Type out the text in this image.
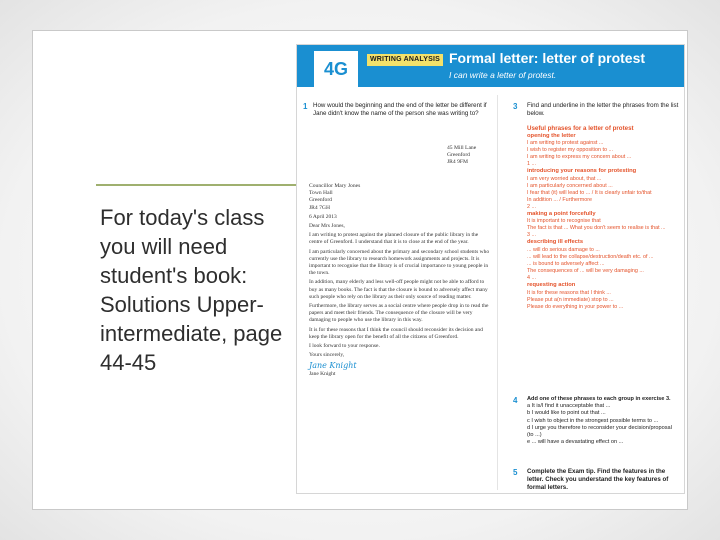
For today's class
you will need
student's book:
Solutions Upper-
intermediate, page
44-45
4G	WRITING ANALYSIS Formal letter: letter of protest
I can write a letter of protest.
1 How would the beginning and the end of the letter be different if Jane didn't know the name of the person she was writing to?
45 Mill Lane
Greenford
JR4 9FM
Councillor Mary Jones
Town Hall
Greenford
JR4 7GH
6 April 2013
Dear Mrs Jones,
I am writing to protest against the planned closure of the public library in the centre of Greenford. I understand that it is to close at the end of the year.
I am particularly concerned about the primary and secondary school students who currently use the library to research homework assignments and projects. It is important to recognise that the library is of crucial importance to young people in the town.
In addition, many elderly and less well-off people might not be able to afford to buy as many books. The fact is that the closure is bound to adversely affect many such people who rely on the library as their only source of reading matter.
Furthermore, the library serves as a social centre where people drop in to read the papers and meet their friends. The consequence of the closure will be very damaging to people who use the library in this way.
It is for these reasons that I think the council should reconsider its decision and keep the library open for the benefit of all the citizens of Greenford.
I look forward to your response.
Yours sincerely,
Jane Knight
Jane Knight
3 Find and underline in the letter the phrases from the list below.
Useful phrases for a letter of protest
opening the letter
I am writing to protest against ...
I wish to register my opposition to ...
I am writing to express my concern about ...
1 ...
introducing your reasons for protesting
I am very worried about, that ...
I am particularly concerned about ...
I fear that (it) will lead to ... / It is clearly unfair to/that
In addition ... / Furthermore
2 ...
making a point forcefully
It is important to recognise that
The fact is that ... What you don't seem to realise is that ...
3 ...
describing ill effects
... will do serious damage to ...
... will lead to the collapse/destruction/death etc. of ...
... is bound to adversely affect ...
The consequences of ... will be very damaging ...
4 ...
requesting action
It is for these reasons that I think ...
Please put a(n immediate) stop to ...
Please do everything in your power to ...
4 Add one of these phrases to each group in exercise 3.
a It is/I find it unacceptable that ...
b I would like to point out that ...
c I wish to object in the strongest possible terms to ...
d I urge you therefore to reconsider your decision/proposal (to ...)
e ... will have a devastating effect on ...
5 Complete the Exam tip. Find the features in the letter. Check you understand the key features of formal letters.
